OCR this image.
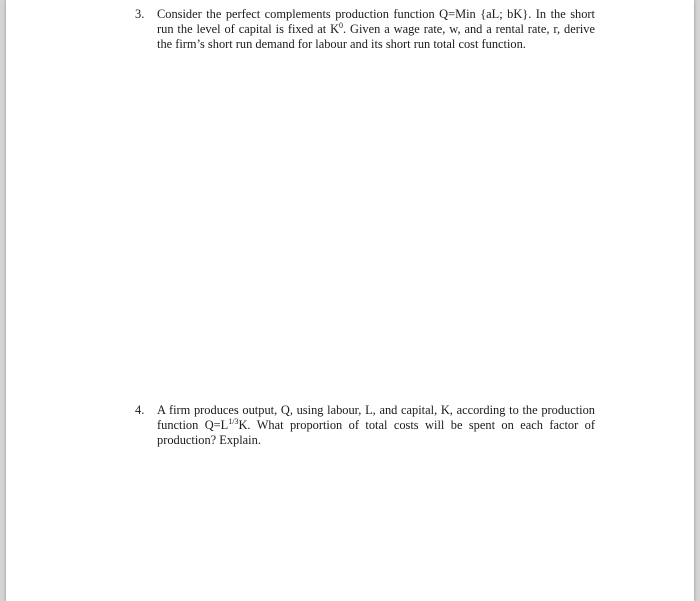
3.	Consider the perfect complements production function Q=Min {aL; bK}. In the short run the level of capital is fixed at $K^0$. Given a wage rate, w, and a rental rate, r, derive the firm’s short run demand for labour and its short run total cost function.
4.	A firm produces output, Q, using labour, L, and capital, K, according to the production function $Q=L^{1/3}K$. What proportion of total costs will be spent on each factor of production? Explain.
